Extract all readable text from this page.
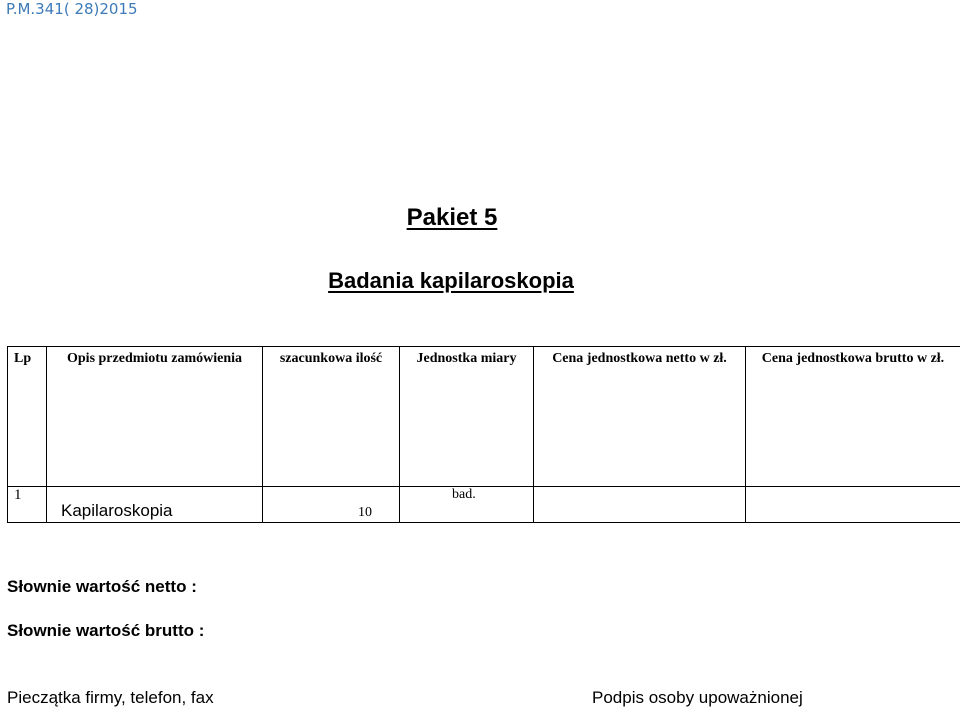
P.M.341( 28)2015
Pakiet 5
Badania kapilaroskopia
Lp	Opis przedmiotu zamówienia	szacunkowa ilość	Jednostka miary	Cena jednostkowa netto w zł.	Cena jednostkowa brutto w zł.
1	Kapilaroskopia	10	bad.		
Słownie wartość netto :
Słownie wartość brutto :
Pieczątka firmy, telefon, fax	Podpis osoby upoważnionej
